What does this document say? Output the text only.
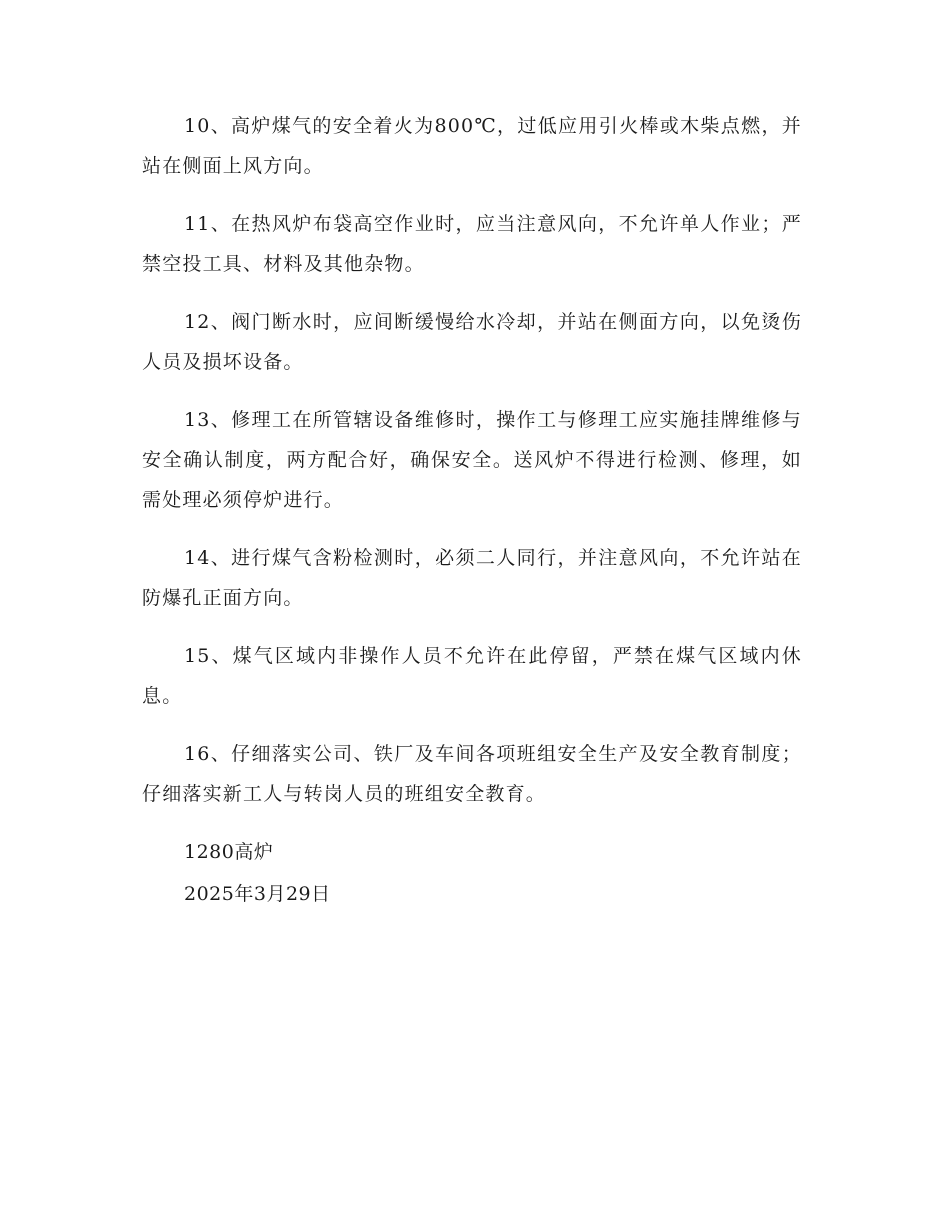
10、高炉煤气的安全着火为800℃，过低应用引火棒或木柴点燃，并站在侧面上风方向。

11、在热风炉布袋高空作业时，应当注意风向，不允许单人作业；严禁空投工具、材料及其他杂物。

12、阀门断水时，应间断缓慢给水冷却，并站在侧面方向，以免烫伤人员及损坏设备。

13、修理工在所管辖设备维修时，操作工与修理工应实施挂牌维修与安全确认制度，两方配合好，确保安全。送风炉不得进行检测、修理，如需处理必须停炉进行。

14、进行煤气含粉检测时，必须二人同行，并注意风向，不允许站在防爆孔正面方向。

15、煤气区域内非操作人员不允许在此停留，严禁在煤气区域内休息。

16、仔细落实公司、铁厂及车间各项班组安全生产及安全教育制度；仔细落实新工人与转岗人员的班组安全教育。

1280高炉

2025年3月29日
